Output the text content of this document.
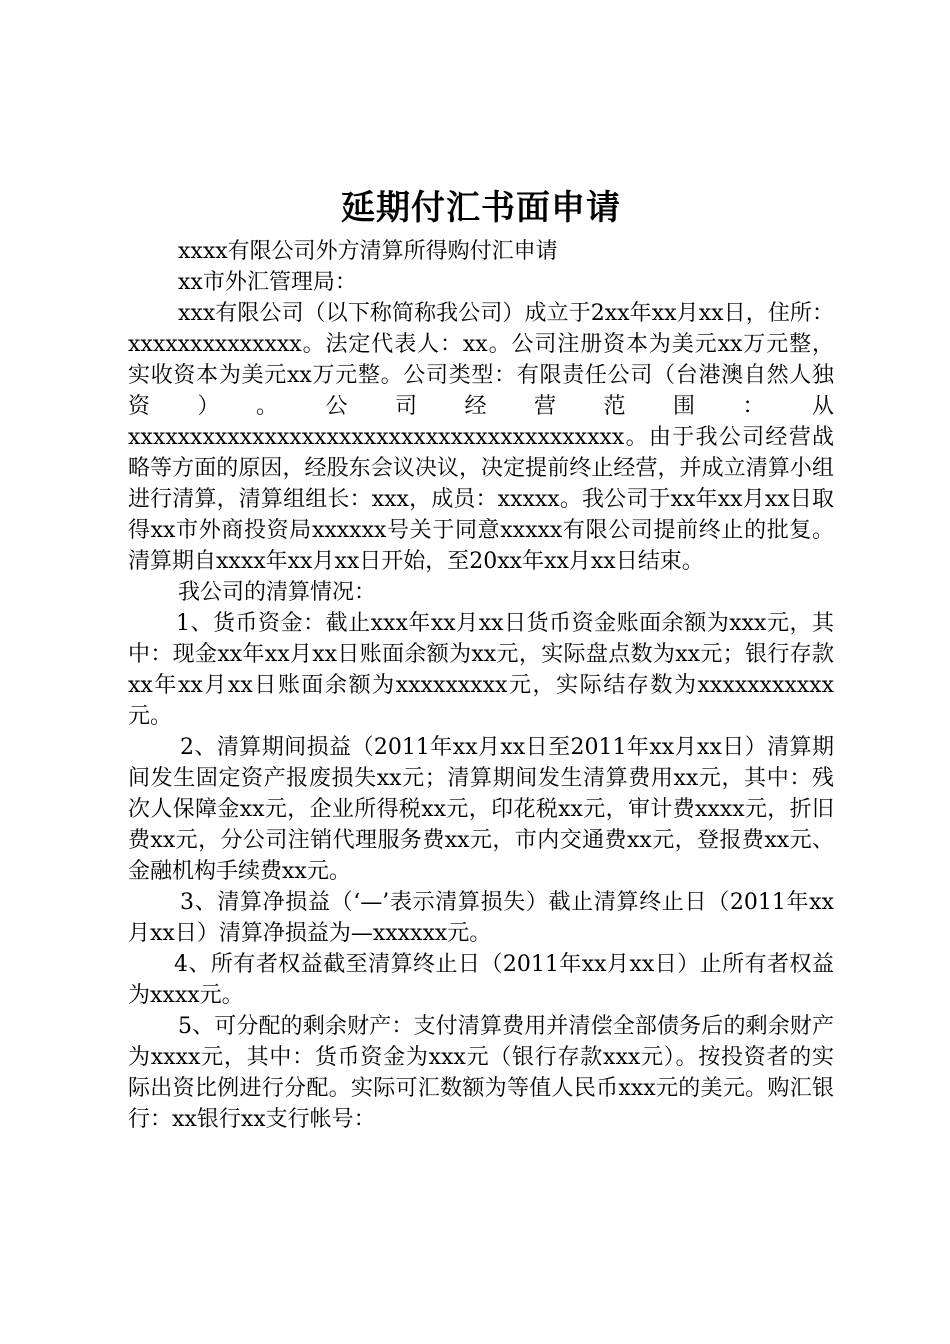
延期付汇书面申请

xxxx有限公司外方清算所得购付汇申请

xx市外汇管理局：

xxx有限公司（以下称简称我公司）成立于2xx年xx月xx日，住所：xxxxxxxxxxxxxx。法定代表人：xx。公司注册资本为美元xx万元整，实收资本为美元xx万元整。公司类型：有限责任公司（台港澳自然人独资）。公司经营范围：从xxxxxxxxxxxxxxxxxxxxxxxxxxxxxxxxxxxxxxxx。由于我公司经营战略等方面的原因，经股东会议决议，决定提前终止经营，并成立清算小组进行清算，清算组组长：xxx，成员：xxxxx。我公司于xx年xx月xx日取得xx市外商投资局xxxxxx号关于同意xxxxx有限公司提前终止的批复。清算期自xxxx年xx月xx日开始，至20xx年xx月xx日结束。

我公司的清算情况：

1、货币资金：截止xxx年xx月xx日货币资金账面余额为xxx元，其中：现金xx年xx月xx日账面余额为xx元，实际盘点数为xx元；银行存款xx年xx月xx日账面余额为xxxxxxxxx元，实际结存数为xxxxxxxxxxx元。

2、清算期间损益（2011年xx月xx日至2011年xx月xx日）清算期间发生固定资产报废损失xx元；清算期间发生清算费用xx元，其中：残次人保障金xx元，企业所得税xx元，印花税xx元，审计费xxxx元，折旧费xx元，分公司注销代理服务费xx元，市内交通费xx元，登报费xx元、金融机构手续费xx元。

3、清算净损益（‘—’表示清算损失）截止清算终止日（2011年xx月xx日）清算净损益为—xxxxxx元。

4、所有者权益截至清算终止日（2011年xx月xx日）止所有者权益为xxxx元。

5、可分配的剩余财产：支付清算费用并清偿全部债务后的剩余财产为xxxx元，其中：货币资金为xxx元（银行存款xxx元）。按投资者的实际出资比例进行分配。实际可汇数额为等值人民币xxx元的美元。购汇银行：xx银行xx支行帐号：
